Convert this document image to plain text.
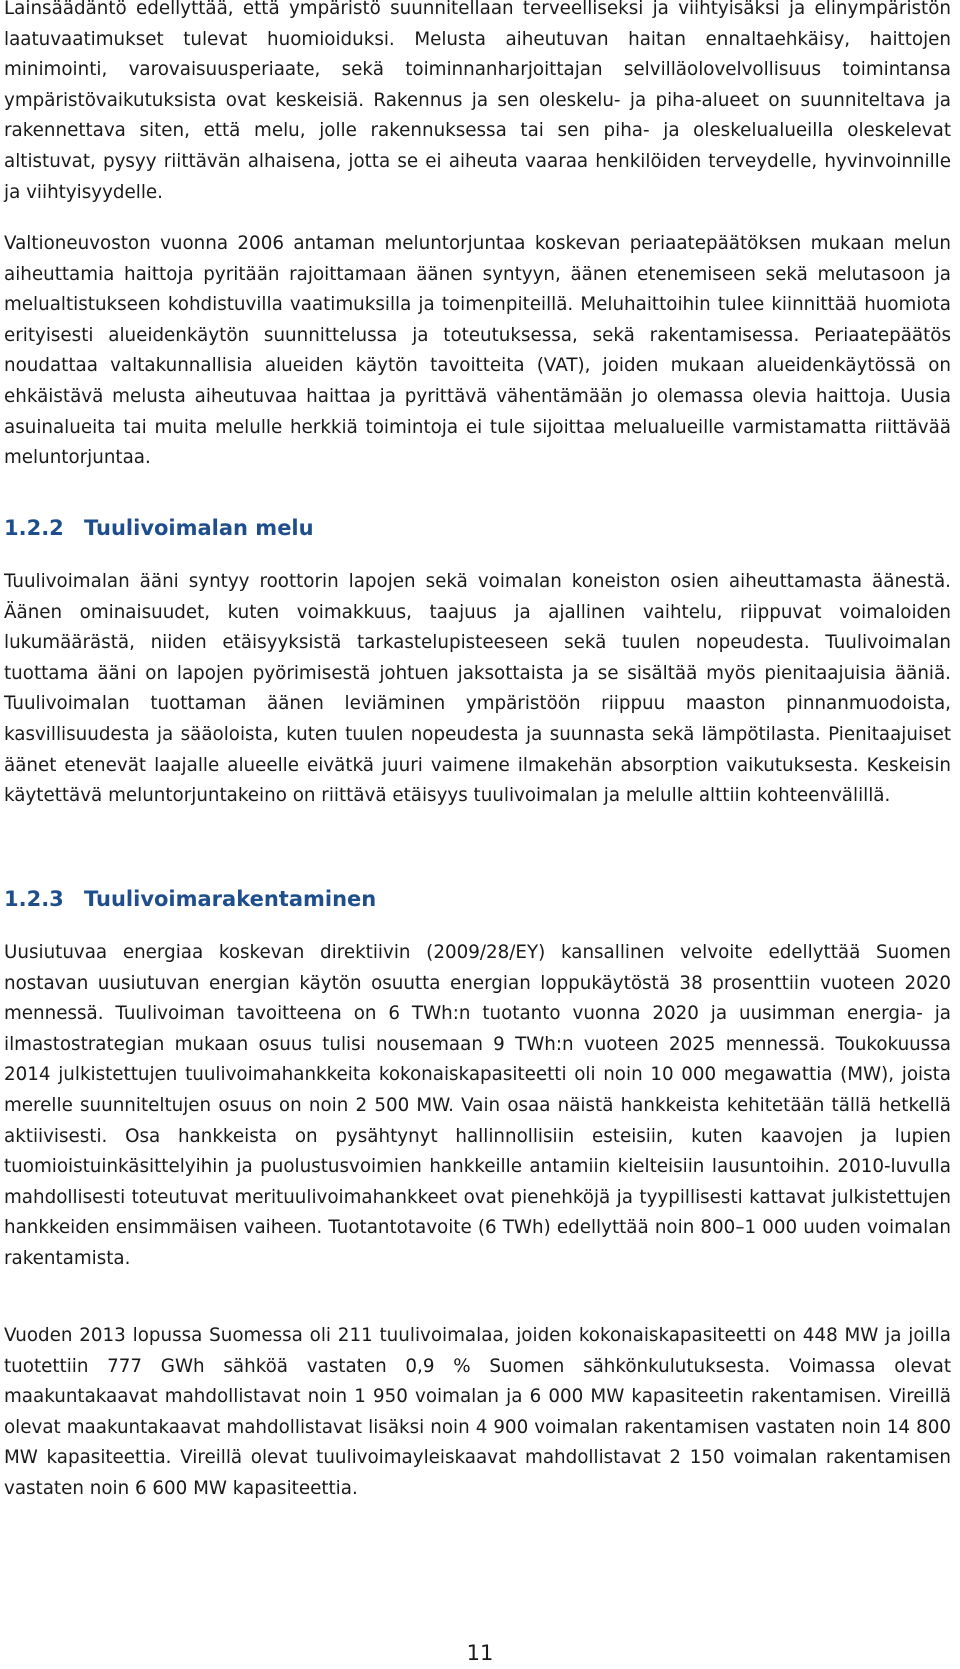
Lainsäädäntö edellyttää, että ympäristö suunnitellaan terveelliseksi ja viihtyisäksi ja elinympäristön laatuvaatimukset tulevat huomioiduksi. Melusta aiheutuvan haitan ennaltaehkäisy, haittojen minimointi, varovaisuusperiaate, sekä toiminnanharjoittajan selvilläolovelvollisuus toimintansa ympäristövaikutuksista ovat keskeisiä. Rakennus ja sen oleskelu- ja piha-alueet on suunniteltava ja rakennettava siten, että melu, jolle rakennuksessa tai sen piha- ja oleskelualueilla oleskelevat altistuvat, pysyy riittävän alhaisena, jotta se ei aiheuta vaaraa henkilöiden terveydelle, hyvinvoinnille ja viihtyisyydelle.

Valtioneuvoston vuonna 2006 antaman meluntorjuntaa koskevan periaatepäätöksen mukaan melun aiheuttamia haittoja pyritään rajoittamaan äänen syntyyn, äänen etenemiseen sekä melutasoon ja melualtistukseen kohdistuvilla vaatimuksilla ja toimenpiteillä. Meluhaittoihin tulee kiinnittää huomiota erityisesti alueidenkäytön suunnittelussa ja toteutuksessa, sekä rakentamisessa. Periaatepäätös noudattaa valtakunnallisia alueiden käytön tavoitteita (VAT), joiden mukaan alueidenkäytössä on ehkäistävä melusta aiheutuvaa haittaa ja pyrittävä vähentämään jo olemassa olevia haittoja. Uusia asuinalueita tai muita melulle herkkiä toimintoja ei tule sijoittaa melualueille varmistamatta riittävää meluntorjuntaa.

1.2.2 Tuulivoimalan melu

Tuulivoimalan ääni syntyy roottorin lapojen sekä voimalan koneiston osien aiheuttamasta äänestä. Äänen ominaisuudet, kuten voimakkuus, taajuus ja ajallinen vaihtelu, riippuvat voimaloiden lukumäärästä, niiden etäisyyksistä tarkastelupisteeseen sekä tuulen nopeudesta. Tuulivoimalan tuottama ääni on lapojen pyörimisestä johtuen jaksottaista ja se sisältää myös pienitaajuisia ääniä. Tuulivoimalan tuottaman äänen leviäminen ympäristöön riippuu maaston pinnanmuodoista, kasvillisuudesta ja sääoloista, kuten tuulen nopeudesta ja suunnasta sekä lämpötilasta. Pienitaajuiset äänet etenevät laajalle alueelle eivätkä juuri vaimene ilmakehän absorption vaikutuksesta. Keskeisin käytettävä meluntorjuntakeino on riittävä etäisyys tuulivoimalan ja melulle alttiin kohteenvälillä.

1.2.3 Tuulivoimarakentaminen

Uusiutuvaa energiaa koskevan direktiivin (2009/28/EY) kansallinen velvoite edellyttää Suomen nostavan uusiutuvan energian käytön osuutta energian loppukäytöstä 38 prosenttiin vuoteen 2020 mennessä. Tuulivoiman tavoitteena on 6 TWh:n tuotanto vuonna 2020 ja uusimman energia- ja ilmastostrategian mukaan osuus tulisi nousemaan 9 TWh:n vuoteen 2025 mennessä. Toukokuussa 2014 julkistettujen tuulivoimahankkeita kokonaiskapasiteetti oli noin 10 000 megawattia (MW), joista merelle suunniteltujen osuus on noin 2 500 MW. Vain osaa näistä hankkeista kehitetään tällä hetkellä aktiivisesti. Osa hankkeista on pysähtynyt hallinnollisiin esteisiin, kuten kaavojen ja lupien tuomioistuinkäsittelyihin ja puolustusvoimien hankkeille antamiin kielteisiin lausuntoihin. 2010-luvulla mahdollisesti toteutuvat merituulivoimahankkeet ovat pienehköjä ja tyypillisesti kattavat julkistettujen hankkeiden ensimmäisen vaiheen. Tuotantotavoite (6 TWh) edellyttää noin 800–1 000 uuden voimalan rakentamista.

Vuoden 2013 lopussa Suomessa oli 211 tuulivoimalaa, joiden kokonaiskapasiteetti on 448 MW ja joilla tuotettiin 777 GWh sähköä vastaten 0,9 % Suomen sähkönkulutuksesta. Voimassa olevat maakuntakaavat mahdollistavat noin 1 950 voimalan ja 6 000 MW kapasiteetin rakentamisen. Vireillä olevat maakuntakaavat mahdollistavat lisäksi noin 4 900 voimalan rakentamisen vastaten noin 14 800 MW kapasiteettia. Vireillä olevat tuulivoimayleiskaavat mahdollistavat 2 150 voimalan rakentamisen vastaten noin 6 600 MW kapasiteettia.

11
